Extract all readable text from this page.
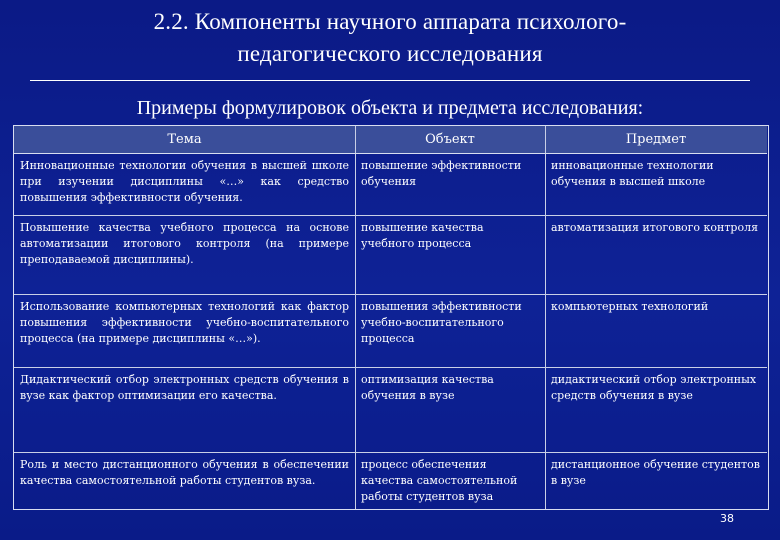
2.2. Компоненты научного аппарата психолого-
педагогического исследования
Примеры формулировок объекта и предмета исследования:
Тема	Объект	Предмет
Инновационные технологии обучения в высшей школе при изучении дисциплины «…» как средство повышения эффективности обучения.
повышение эффективности обучения
инновационные технологии обучения в высшей школе
Повышение качества учебного процесса на основе автоматизации итогового контроля (на примере преподаваемой дисциплины).
повышение качества учебного процесса
автоматизация итогового контроля
Использование компьютерных технологий как фактор повышения эффективности учебно-воспитательного процесса (на примере дисциплины «…»).
повышения эффективности учебно-воспитательного процесса
компьютерных технологий
Дидактический отбор электронных средств обучения в вузе как фактор оптимизации его качества.
оптимизация качества обучения в вузе
дидактический отбор электронных средств обучения в вузе
Роль и место дистанционного обучения в обеспечении качества самостоятельной работы студентов вуза.
процесс обеспечения качества самостоятельной работы студентов вуза
дистанционное обучение студентов в вузе
38
